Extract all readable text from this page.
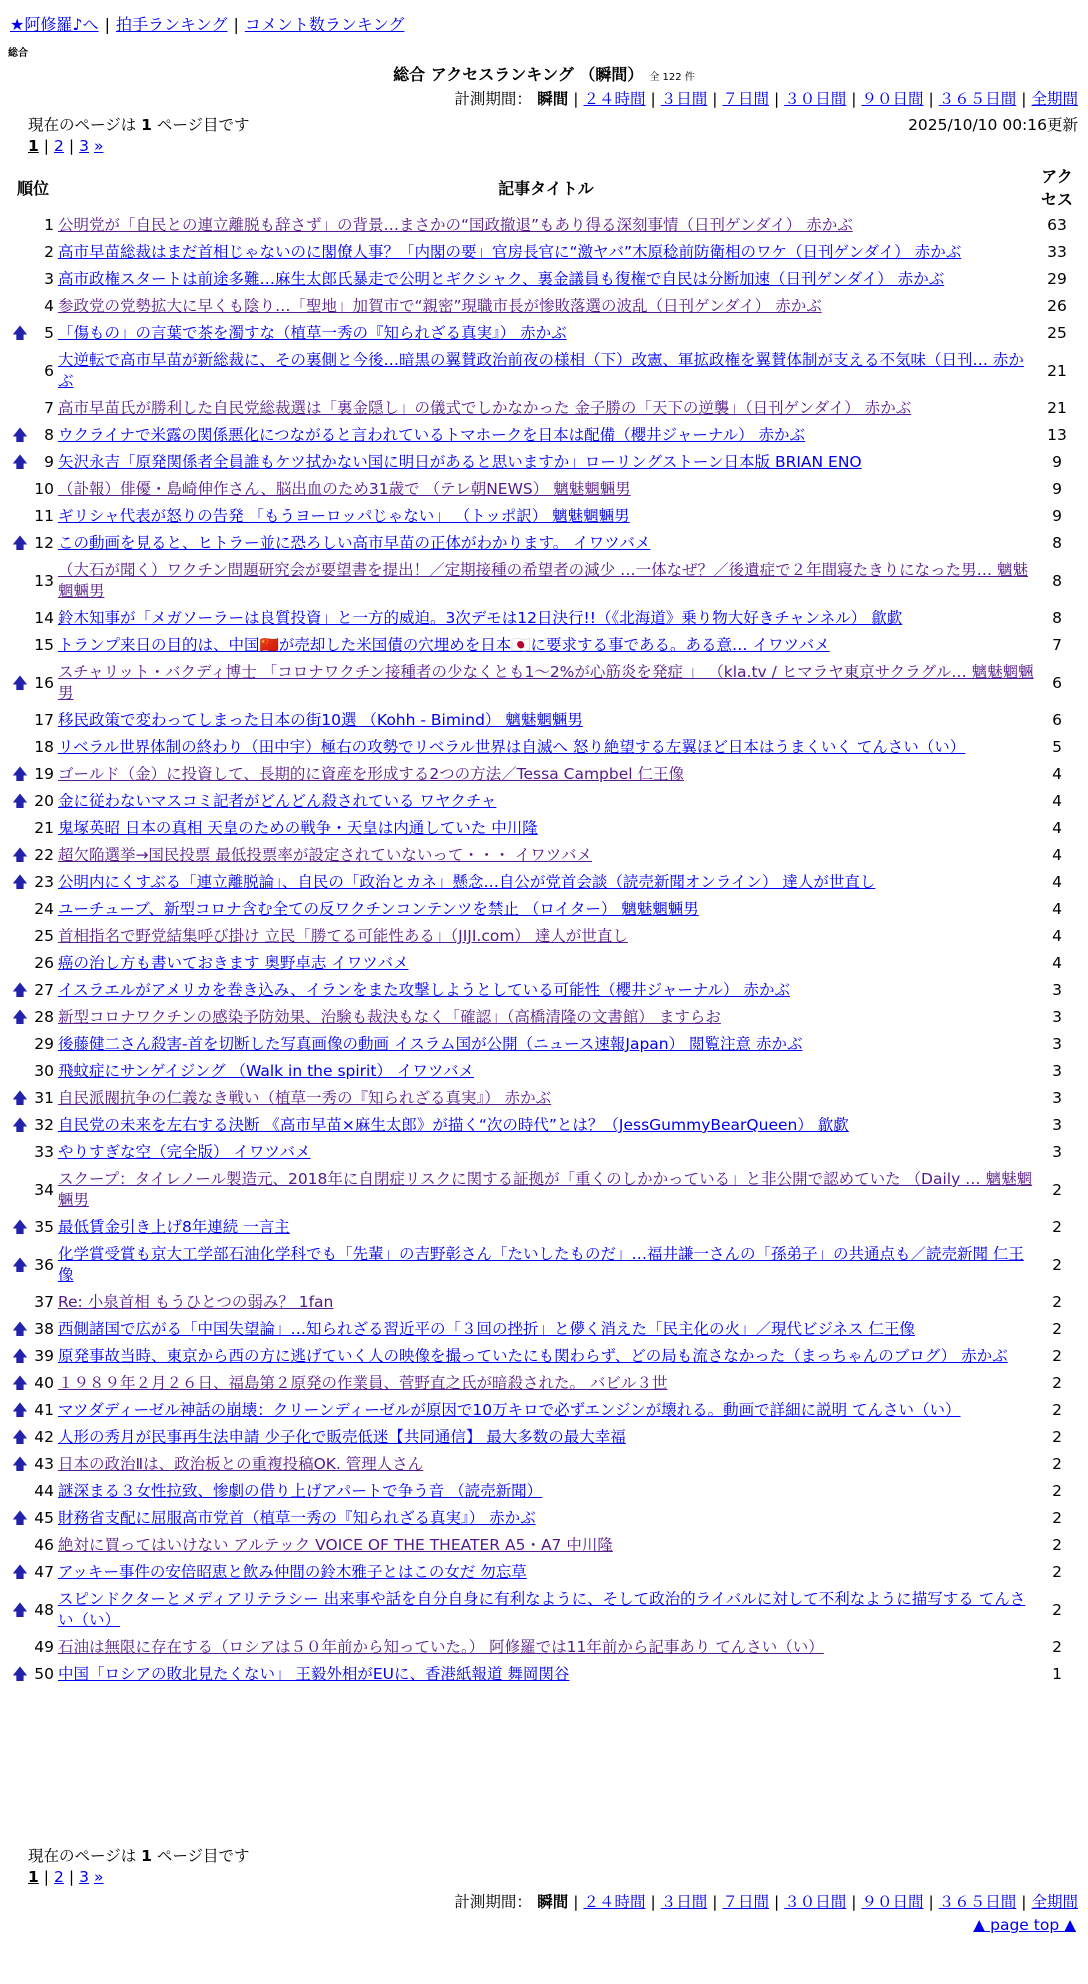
★阿修羅♪へ | 拍手ランキング | コメント数ランキング
総合
総合 アクセスランキング （瞬間） 全 122 件
計測期間： 瞬間 | ２４時間 | ３日間 | ７日間 | ３０日間 | ９０日間 | ３６５日間 | 全期間
現在のページは 1 ページ目です	2025/10/10 00:16更新
1 | 2 | 3 »
順位		記事タイトル	アクセス
	1	公明党が「自民との連立離脱も辞さず」の背景…まさかの“国政撤退”もあり得る深刻事情（日刊ゲンダイ） 赤かぶ	63
	2	高市早苗総裁はまだ首相じゃないのに閣僚人事？「内閣の要」官房長官に“激ヤバ”木原稔前防衛相のワケ（日刊ゲンダイ） 赤かぶ	33
	3	高市政権スタートは前途多難…麻生太郎氏暴走で公明とギクシャク、裏金議員も復権で自民は分断加速（日刊ゲンダイ） 赤かぶ	29
	4	参政党の党勢拡大に早くも陰り…「聖地」加賀市で“親密”現職市長が惨敗落選の波乱（日刊ゲンダイ） 赤かぶ	26
🡅	5	「傷もの」の言葉で茶を濁すな（植草一秀の『知られざる真実』） 赤かぶ	25
	6	大逆転で高市早苗が新総裁に、その裏側と今後…暗黒の翼賛政治前夜の様相（下）改憲、軍拡政権を翼賛体制が支える不気味（日刊… 赤かぶ	21
	7	高市早苗氏が勝利した自民党総裁選は「裏金隠し」の儀式でしかなかった 金子勝の「天下の逆襲」（日刊ゲンダイ） 赤かぶ	21
🡅	8	ウクライナで米露の関係悪化につながると言われているトマホークを日本は配備（櫻井ジャーナル） 赤かぶ	13
🡅	9	矢沢永吉「原発関係者全員誰もケツ拭かない国に明日があると思いますか」ローリングストーン日本版 BRIAN ENO	9
	10	（訃報）俳優・島崎伸作さん、脳出血のため31歳で （テレ朝NEWS） 魑魅魍魎男	9
	11	ギリシャ代表が怒りの告発 「もうヨーロッパじゃない」 （トッポ訳） 魑魅魍魎男	9
🡅	12	この動画を見ると、ヒトラー並に恐ろしい高市早苗の正体がわかります。 イワツバメ	8
	13	（大石が聞く）ワクチン問題研究会が要望書を提出！／定期接種の希望者の減少 …一体なぜ？／後遺症で２年間寝たきりになった男… 魑魅魍魎男	8
	14	鈴木知事が「メガソーラーは良質投資」と一方的威迫。3次デモは12日決行!!（《北海道》乗り物大好きチャンネル） 歙歔	8
	15	トランプ来日の目的は、中国🇨🇳が売却した米国債の穴埋めを日本🇯🇵に要求する事である。ある意… イワツバメ	7
🡅	16	スチャリット・バクディ博士 「コロナワクチン接種者の少なくとも1〜2%が心筋炎を発症 」 （kla.tv / ヒマラヤ東京サクラグル… 魑魅魍魎男	6
	17	移民政策で変わってしまった日本の街10選 （Kohh - Bimind） 魑魅魍魎男	6
	18	リベラル世界体制の終わり（田中宇）極右の攻勢でリベラル世界は自滅へ 怒り絶望する左翼ほど日本はうまくいく てんさい（い）	5
🡅	19	ゴールド（金）に投資して、長期的に資産を形成する2つの方法／Tessa Campbel 仁王像	4
🡅	20	金に従わないマスコミ記者がどんどん殺されている ワヤクチャ	4
	21	鬼塚英昭 日本の真相 天皇のための戦争・天皇は内通していた 中川隆	4
🡅	22	超欠陥選挙→国民投票 最低投票率が設定されていないって・・・ イワツバメ	4
🡅	23	公明内にくすぶる「連立離脱論」、自民の「政治とカネ」懸念…自公が党首会談（読売新聞オンライン） 達人が世直し	4
	24	ユーチューブ、新型コロナ含む全ての反ワクチンコンテンツを禁止 （ロイター） 魑魅魍魎男	4
	25	首相指名で野党結集呼び掛け 立民「勝てる可能性ある」（JIJI.com） 達人が世直し	4
	26	癌の治し方も書いておきます 奥野卓志 イワツバメ	4
🡅	27	イスラエルがアメリカを巻き込み、イランをまた攻撃しようとしている可能性（櫻井ジャーナル） 赤かぶ	3
🡅	28	新型コロナワクチンの感染予防効果、治験も裁決もなく「確認」（高橋清隆の文書館） ますらお	3
	29	後藤健二さん殺害-首を切断した写真画像の動画 イスラム国が公開（ニュース速報Japan） 閲覧注意 赤かぶ	3
	30	飛蚊症にサンゲイジング （Walk in the spirit） イワツバメ	3
🡅	31	自民派閥抗争の仁義なき戦い（植草一秀の『知られざる真実』） 赤かぶ	3
🡅	32	自民党の未来を左右する決断 《高市早苗×麻生太郎》が描く“次の時代”とは？（JessGummyBearQueen） 歙歔	3
	33	やりすぎな空（完全版） イワツバメ	3
	34	スクープ：タイレノール製造元、2018年に自閉症リスクに関する証拠が「重くのしかかっている」と非公開で認めていた （Daily … 魑魅魍魎男	2
🡅	35	最低賃金引き上げ8年連続 一言主	2
🡅	36	化学賞受賞も京大工学部石油化学科でも「先輩」の吉野彰さん「たいしたものだ」…福井謙一さんの「孫弟子」の共通点も／読売新聞 仁王像	2
	37	Re: 小泉首相 もうひとつの弱み？ 1fan	2
🡅	38	西側諸国で広がる「中国失望論」…知られざる習近平の「３回の挫折」と儚く消えた「民主化の火」／現代ビジネス 仁王像	2
🡅	39	原発事故当時、東京から西の方に逃げていく人の映像を撮っていたにも関わらず、どの局も流さなかった（まっちゃんのブログ） 赤かぶ	2
🡅	40	１９８９年２月２６日、福島第２原発の作業員、菅野直之氏が暗殺された。 バビル３世	2
🡅	41	マツダディーゼル神話の崩壊：クリーンディーゼルが原因で10万キロで必ずエンジンが壊れる。動画で詳細に説明 てんさい（い）	2
🡅	42	人形の秀月が民事再生法申請 少子化で販売低迷【共同通信】 最大多数の最大幸福	2
🡅	43	日本の政治Ⅱは、政治板との重複投稿OK. 管理人さん	2
	44	謎深まる３女性拉致、惨劇の借り上げアパートで争う音 （読売新聞）	2
🡅	45	財務省支配に屈服高市党首（植草一秀の『知られざる真実』） 赤かぶ	2
	46	絶対に買ってはいけない アルテック VOICE OF THE THEATER A5・A7 中川隆	2
🡅	47	アッキー事件の安倍昭恵と飲み仲間の鈴木雅子とはこの女だ 勿忘草	2
🡅	48	スピンドクターとメディアリテラシー 出来事や話を自分自身に有利なように、そして政治的ライバルに対して不利なように描写する てんさい（い）	2
	49	石油は無限に存在する（ロシアは５０年前から知っていた。） 阿修羅では11年前から記事あり てんさい（い）	2
🡅	50	中国「ロシアの敗北見たくない」 王毅外相がEUに、香港紙報道 舞岡関谷	1
現在のページは 1 ページ目です
1 | 2 | 3 »
計測期間： 瞬間 | ２４時間 | ３日間 | ７日間 | ３０日間 | ９０日間 | ３６５日間 | 全期間
▲ page top ▲
